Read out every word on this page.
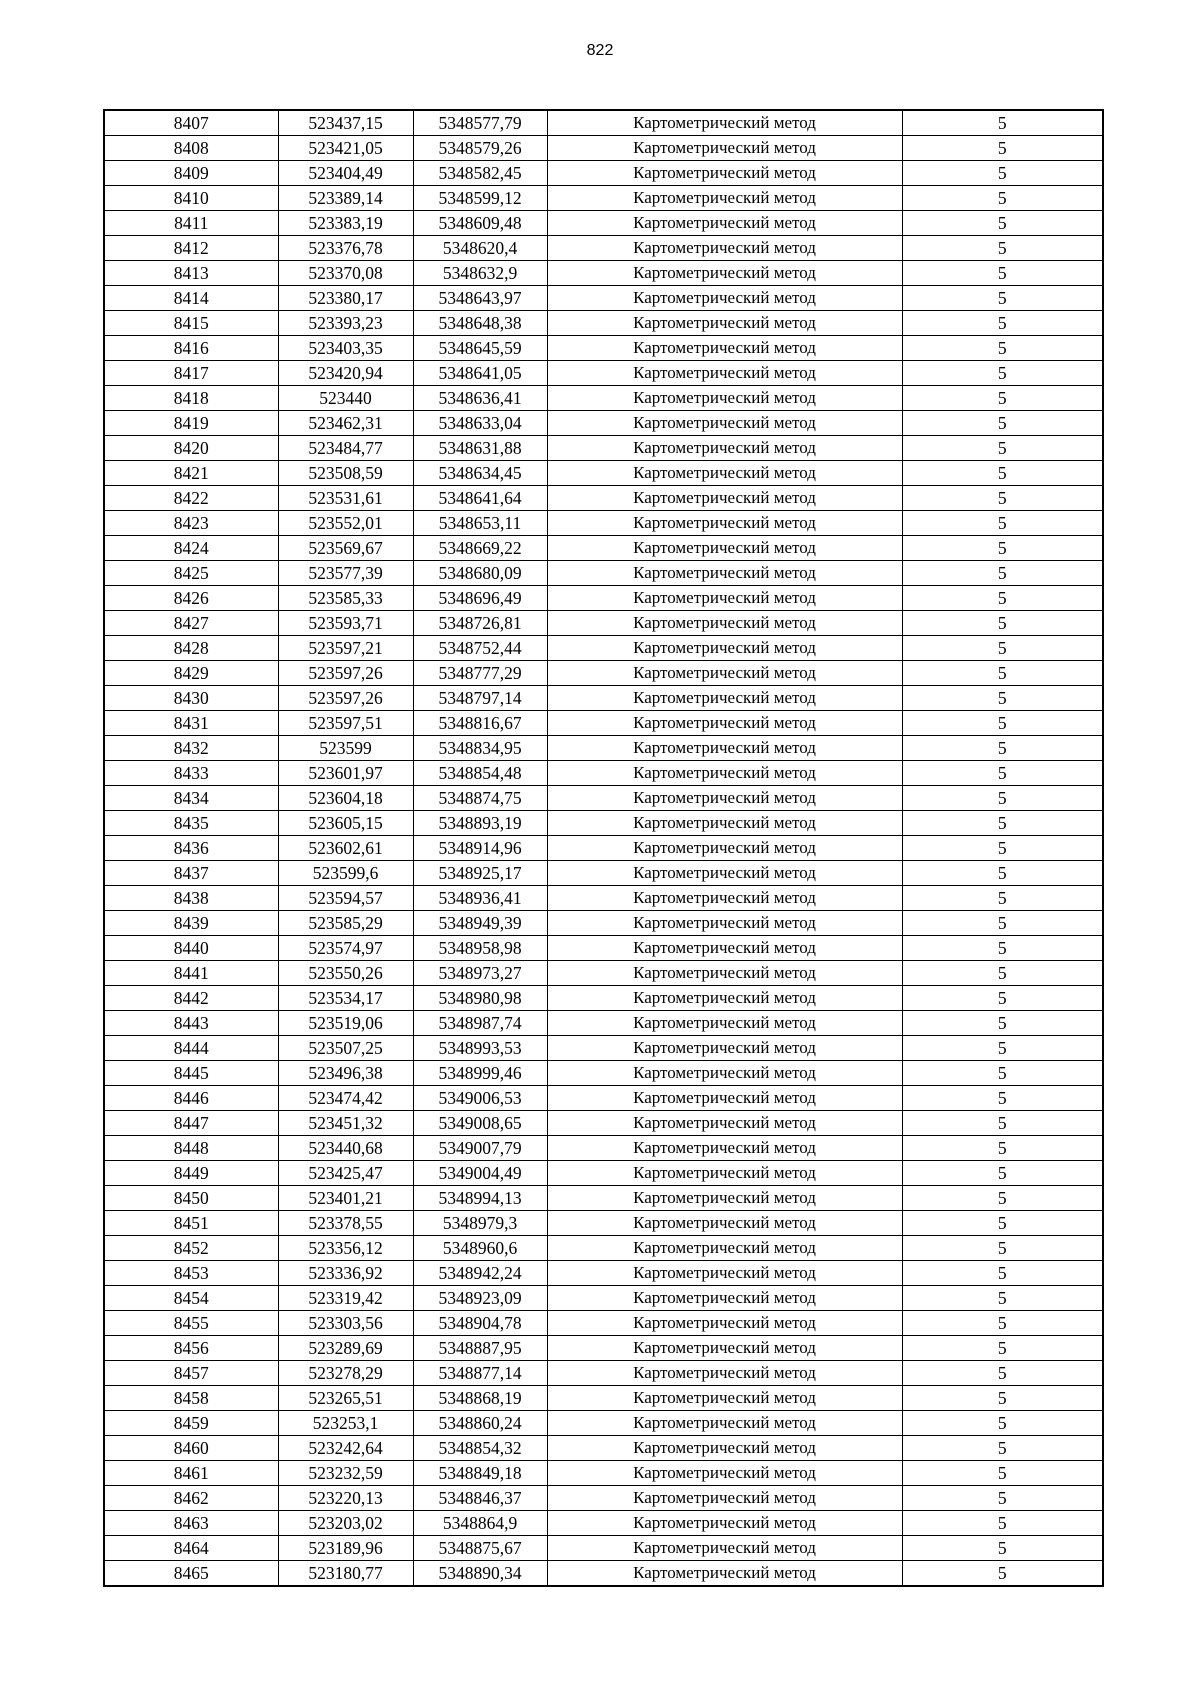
822
8407	523437,15	5348577,79	Картометрический метод	5
8408	523421,05	5348579,26	Картометрический метод	5
8409	523404,49	5348582,45	Картометрический метод	5
8410	523389,14	5348599,12	Картометрический метод	5
8411	523383,19	5348609,48	Картометрический метод	5
8412	523376,78	5348620,4	Картометрический метод	5
8413	523370,08	5348632,9	Картометрический метод	5
8414	523380,17	5348643,97	Картометрический метод	5
8415	523393,23	5348648,38	Картометрический метод	5
8416	523403,35	5348645,59	Картометрический метод	5
8417	523420,94	5348641,05	Картометрический метод	5
8418	523440	5348636,41	Картометрический метод	5
8419	523462,31	5348633,04	Картометрический метод	5
8420	523484,77	5348631,88	Картометрический метод	5
8421	523508,59	5348634,45	Картометрический метод	5
8422	523531,61	5348641,64	Картометрический метод	5
8423	523552,01	5348653,11	Картометрический метод	5
8424	523569,67	5348669,22	Картометрический метод	5
8425	523577,39	5348680,09	Картометрический метод	5
8426	523585,33	5348696,49	Картометрический метод	5
8427	523593,71	5348726,81	Картометрический метод	5
8428	523597,21	5348752,44	Картометрический метод	5
8429	523597,26	5348777,29	Картометрический метод	5
8430	523597,26	5348797,14	Картометрический метод	5
8431	523597,51	5348816,67	Картометрический метод	5
8432	523599	5348834,95	Картометрический метод	5
8433	523601,97	5348854,48	Картометрический метод	5
8434	523604,18	5348874,75	Картометрический метод	5
8435	523605,15	5348893,19	Картометрический метод	5
8436	523602,61	5348914,96	Картометрический метод	5
8437	523599,6	5348925,17	Картометрический метод	5
8438	523594,57	5348936,41	Картометрический метод	5
8439	523585,29	5348949,39	Картометрический метод	5
8440	523574,97	5348958,98	Картометрический метод	5
8441	523550,26	5348973,27	Картометрический метод	5
8442	523534,17	5348980,98	Картометрический метод	5
8443	523519,06	5348987,74	Картометрический метод	5
8444	523507,25	5348993,53	Картометрический метод	5
8445	523496,38	5348999,46	Картометрический метод	5
8446	523474,42	5349006,53	Картометрический метод	5
8447	523451,32	5349008,65	Картометрический метод	5
8448	523440,68	5349007,79	Картометрический метод	5
8449	523425,47	5349004,49	Картометрический метод	5
8450	523401,21	5348994,13	Картометрический метод	5
8451	523378,55	5348979,3	Картометрический метод	5
8452	523356,12	5348960,6	Картометрический метод	5
8453	523336,92	5348942,24	Картометрический метод	5
8454	523319,42	5348923,09	Картометрический метод	5
8455	523303,56	5348904,78	Картометрический метод	5
8456	523289,69	5348887,95	Картометрический метод	5
8457	523278,29	5348877,14	Картометрический метод	5
8458	523265,51	5348868,19	Картометрический метод	5
8459	523253,1	5348860,24	Картометрический метод	5
8460	523242,64	5348854,32	Картометрический метод	5
8461	523232,59	5348849,18	Картометрический метод	5
8462	523220,13	5348846,37	Картометрический метод	5
8463	523203,02	5348864,9	Картометрический метод	5
8464	523189,96	5348875,67	Картометрический метод	5
8465	523180,77	5348890,34	Картометрический метод	5
